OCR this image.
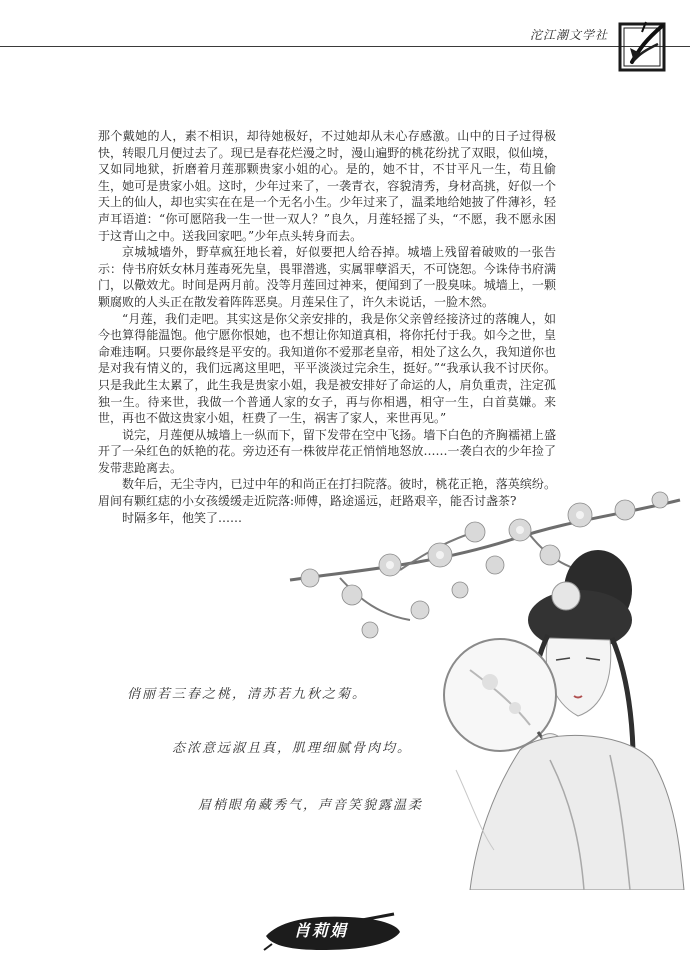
沱江潮文学社

那个戴她的人，素不相识，却待她极好，不过她却从未心存感激。山中的日子过得极快，转眼几月便过去了。现已是春花烂漫之时，漫山遍野的桃花纷扰了双眼，似仙境，又如同地狱，折磨着月莲那颗贵家小姐的心。是的，她不甘，不甘平凡一生，苟且偷生，她可是贵家小姐。这时，少年过来了，一袭青衣，容貌清秀，身材高挑，好似一个天上的仙人，却也实实在在是一个无名小生。少年过来了，温柔地给她披了件薄衫，轻声耳语道：“你可愿陪我一生一世一双人？”良久，月莲轻摇了头，“不愿，我不愿永困于这青山之中。送我回家吧。”少年点头转身而去。

京城城墙外，野草疯狂地长着，好似要把人给吞掉。城墙上残留着破败的一张告示：侍书府妖女林月莲毒死先皇，畏罪潜逃，实属罪孽滔天，不可饶恕。今诛侍书府满门，以儆效尤。时间是两月前。没等月莲回过神来，便闻到了一股臭味。城墙上，一颗颗腐败的人头正在散发着阵阵恶臭。月莲呆住了，许久未说话，一脸木然。

“月莲，我们走吧。其实这是你父亲安排的，我是你父亲曾经接济过的落魄人，如今也算得能温饱。他宁愿你恨她，也不想让你知道真相，将你托付于我。如今之世，皇命难违啊。只要你最终是平安的。我知道你不爱那老皇帝，相处了这么久，我知道你也是对我有情义的，我们远离这里吧，平平淡淡过完余生，挺好。”“我承认我不讨厌你。只是我此生太累了，此生我是贵家小姐，我是被安排好了命运的人，肩负重责，注定孤独一生。待来世，我做一个普通人家的女子，再与你相遇，相守一生，白首莫嫌。来世，再也不做这贵家小姐，枉费了一生，祸害了家人，来世再见。”

说完，月莲便从城墙上一纵而下，留下发带在空中飞扬。墙下白色的齐胸襦裙上盛开了一朵红色的妖艳的花。旁边还有一株彼岸花正悄悄地怒放……一袭白衣的少年捡了发带悲跄离去。

数年后，无尘寺内，已过中年的和尚正在打扫院落。彼时，桃花正艳，落英缤纷。眉间有颗红痣的小女孩缓缓走近院落:师傅，路途遥远，赶路艰辛，能否讨盏茶?

时隔多年，他笑了……

俏丽若三春之桃，清苏若九秋之菊。
态浓意远淑且真，肌理细腻骨肉均。
眉梢眼角藏秀气，声音笑貌露温柔
肖莉娟
